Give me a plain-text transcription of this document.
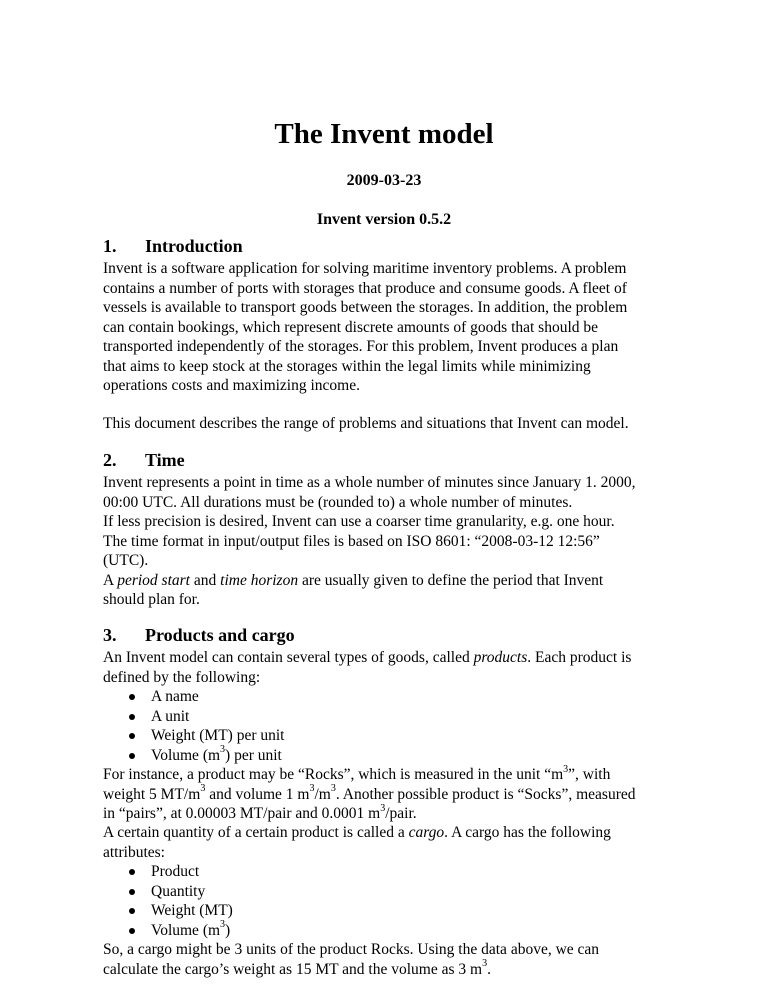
The Invent model
2009-03-23
Invent version 0.5.2
1. Introduction
Invent is a software application for solving maritime inventory problems. A problem
contains a number of ports with storages that produce and consume goods. A fleet of
vessels is available to transport goods between the storages. In addition, the problem
can contain bookings, which represent discrete amounts of goods that should be
transported independently of the storages. For this problem, Invent produces a plan
that aims to keep stock at the storages within the legal limits while minimizing
operations costs and maximizing income.
This document describes the range of problems and situations that Invent can model.
2. Time
Invent represents a point in time as a whole number of minutes since January 1. 2000,
00:00 UTC. All durations must be (rounded to) a whole number of minutes.
If less precision is desired, Invent can use a coarser time granularity, e.g. one hour.
The time format in input/output files is based on ISO 8601: “2008-03-12 12:56”
(UTC).
A period start and time horizon are usually given to define the period that Invent
should plan for.
3. Products and cargo
An Invent model can contain several types of goods, called products. Each product is
defined by the following:
A name
A unit
Weight (MT) per unit
Volume $(m^3)$ per unit
For instance, a product may be “Rocks”, which is measured in the unit “$m^3$”, with
weight 5 $MT/m^3$ and volume 1 $m^3/m^3$. Another possible product is “Socks”, measured
in “pairs”, at 0.00003 MT/pair and 0.0001 $m^3$/pair.
A certain quantity of a certain product is called a cargo. A cargo has the following
attributes:
Product
Quantity
Weight (MT)
Volume $(m^3)$
So, a cargo might be 3 units of the product Rocks. Using the data above, we can
calculate the cargo’s weight as 15 MT and the volume as 3 $m^3$.
